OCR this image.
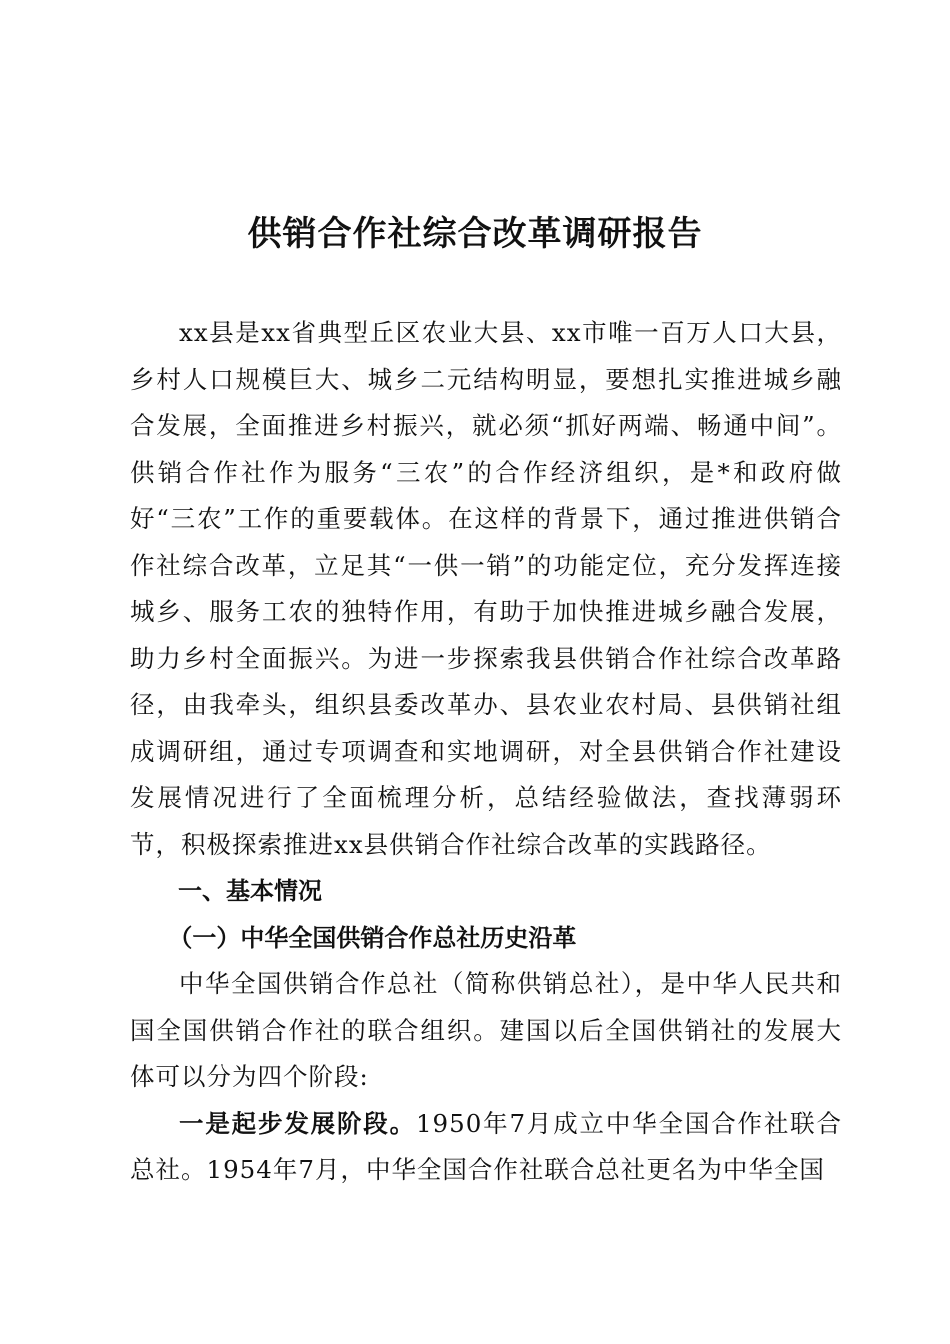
供销合作社综合改革调研报告

xx县是xx省典型丘区农业大县、xx市唯一百万人口大县，乡村人口规模巨大、城乡二元结构明显，要想扎实推进城乡融合发展，全面推进乡村振兴，就必须“抓好两端、畅通中间”。供销合作社作为服务“三农”的合作经济组织，是*和政府做好“三农”工作的重要载体。在这样的背景下，通过推进供销合作社综合改革，立足其“一供一销”的功能定位，充分发挥连接城乡、服务工农的独特作用，有助于加快推进城乡融合发展，助力乡村全面振兴。为进一步探索我县供销合作社综合改革路径，由我牵头，组织县委改革办、县农业农村局、县供销社组成调研组，通过专项调查和实地调研，对全县供销合作社建设发展情况进行了全面梳理分析，总结经验做法，查找薄弱环节，积极探索推进xx县供销合作社综合改革的实践路径。

一、基本情况

（一）中华全国供销合作总社历史沿革

中华全国供销合作总社（简称供销总社），是中华人民共和国全国供销合作社的联合组织。建国以后全国供销社的发展大体可以分为四个阶段:

一是起步发展阶段。1950年7月成立中华全国合作社联合总社。1954年7月，中华全国合作社联合总社更名为中华全国
